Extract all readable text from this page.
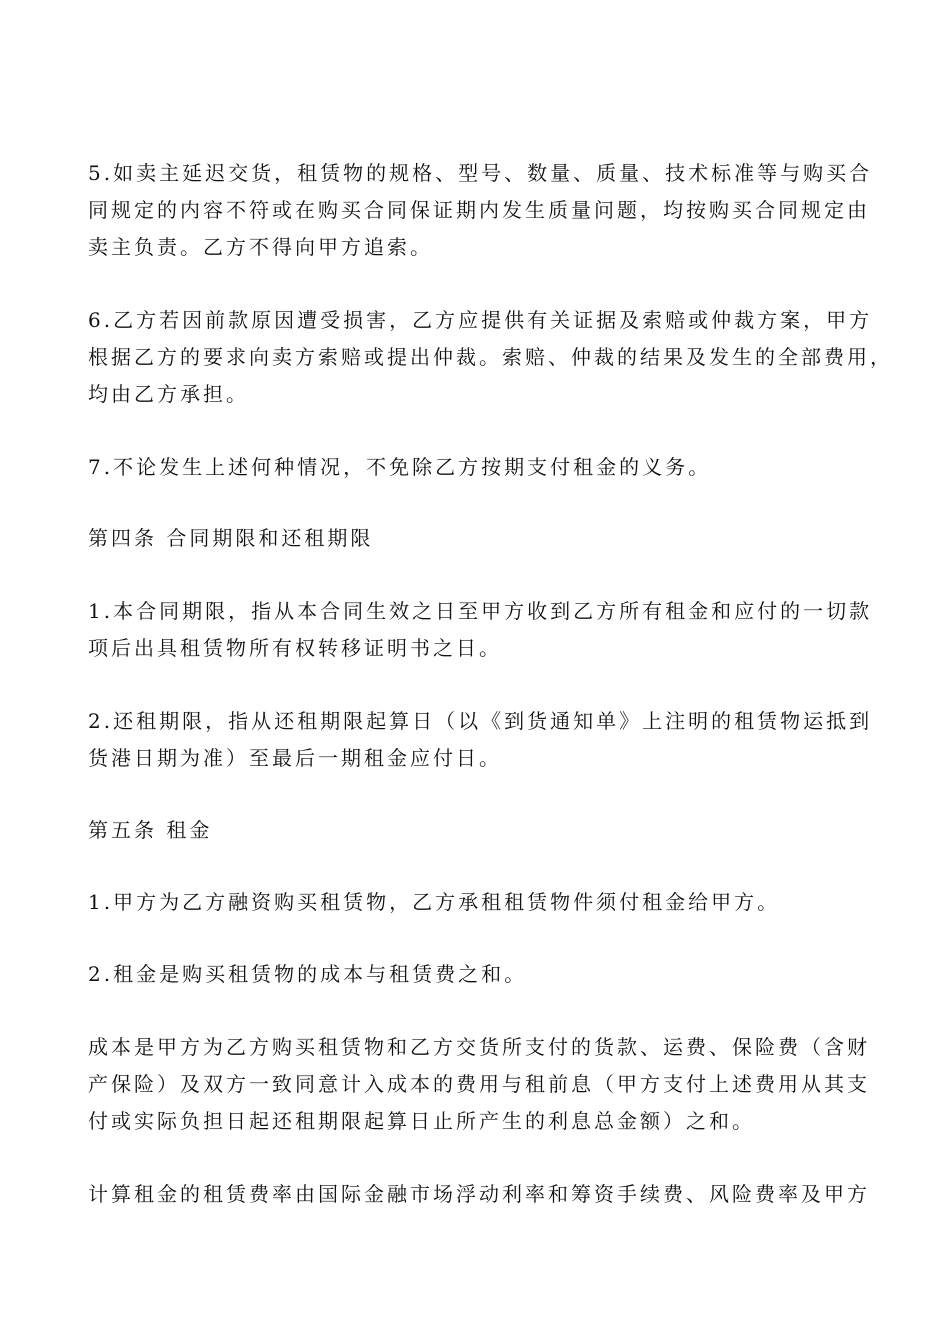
5.如卖主延迟交货，租赁物的规格、型号、数量、质量、技术标准等与购买合
同规定的内容不符或在购买合同保证期内发生质量问题，均按购买合同规定由
卖主负责。乙方不得向甲方追索。
6.乙方若因前款原因遭受损害，乙方应提供有关证据及索赔或仲裁方案，甲方
根据乙方的要求向卖方索赔或提出仲裁。索赔、仲裁的结果及发生的全部费用，
均由乙方承担。
7.不论发生上述何种情况，不免除乙方按期支付租金的义务。
第四条 合同期限和还租期限
1.本合同期限，指从本合同生效之日至甲方收到乙方所有租金和应付的一切款
项后出具租赁物所有权转移证明书之日。
2.还租期限，指从还租期限起算日（以《到货通知单》上注明的租赁物运抵到
货港日期为准）至最后一期租金应付日。
第五条 租金
1.甲方为乙方融资购买租赁物，乙方承租租赁物件须付租金给甲方。
2.租金是购买租赁物的成本与租赁费之和。
成本是甲方为乙方购买租赁物和乙方交货所支付的货款、运费、保险费（含财
产保险）及双方一致同意计入成本的费用与租前息（甲方支付上述费用从其支
付或实际负担日起还租期限起算日止所产生的利息总金额）之和。
计算租金的租赁费率由国际金融市场浮动利率和筹资手续费、风险费率及甲方
